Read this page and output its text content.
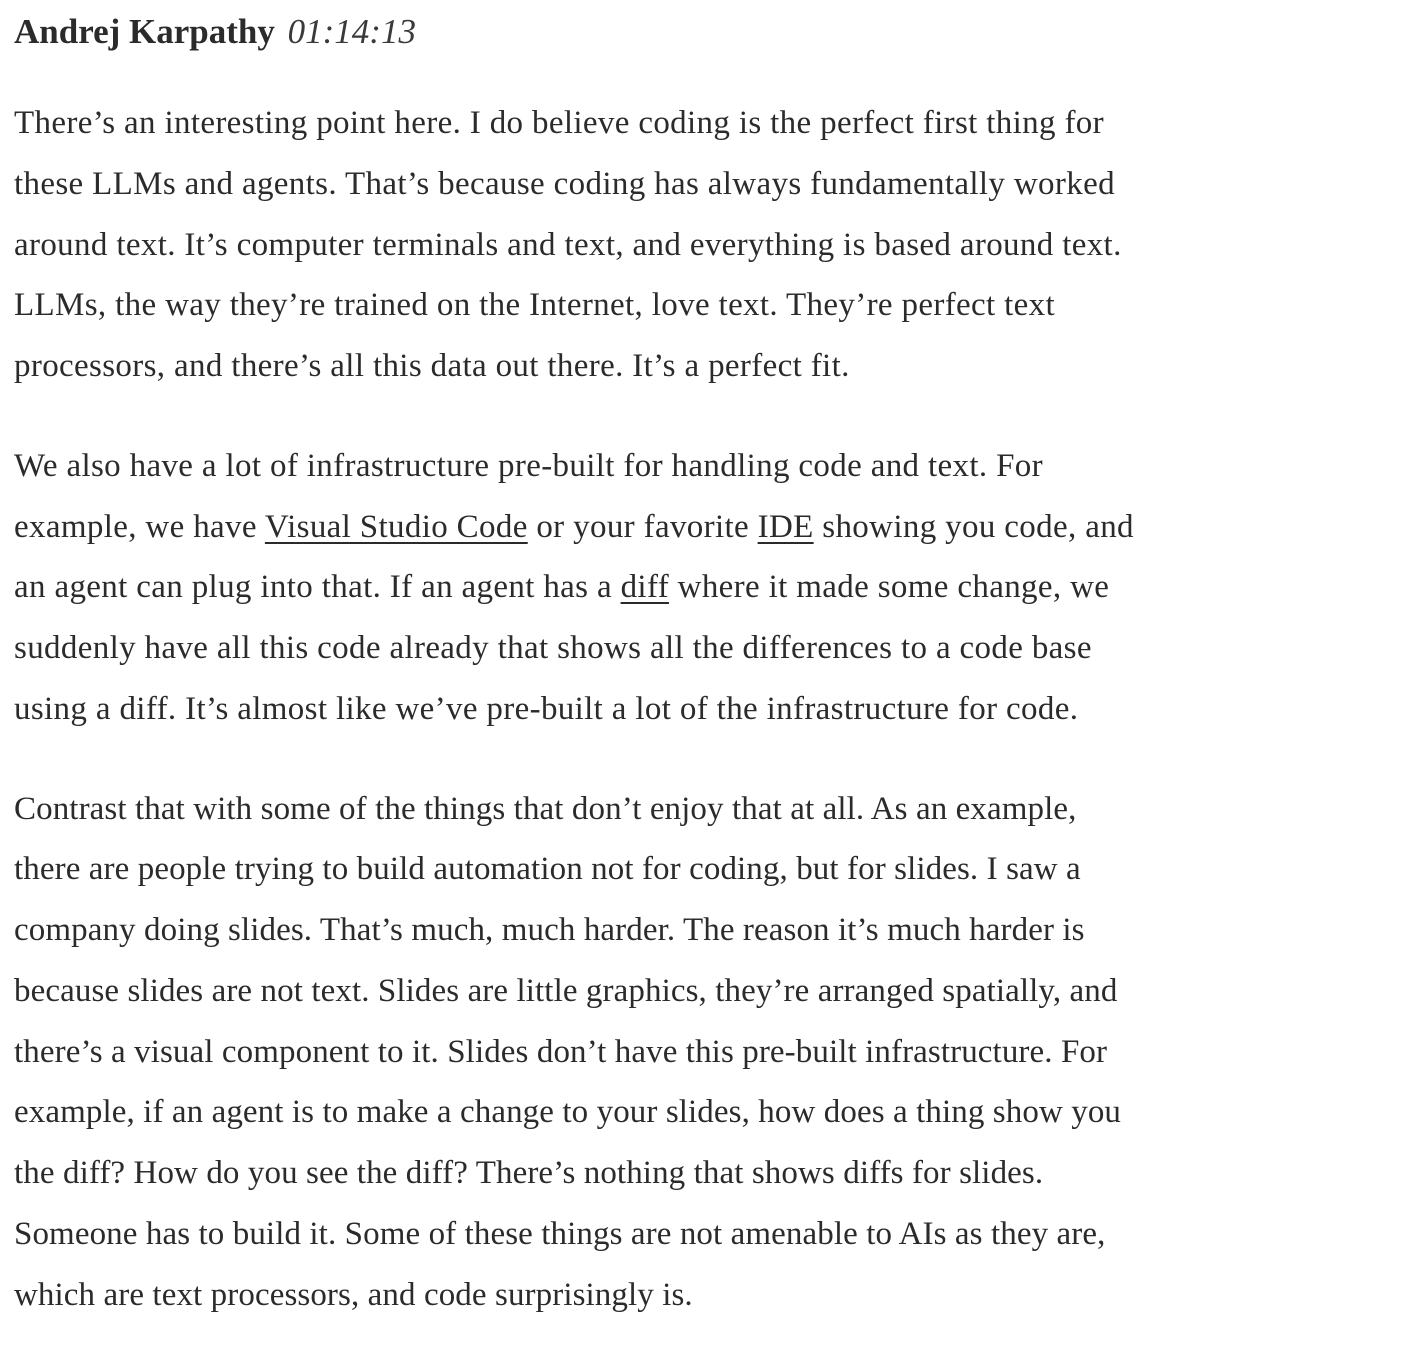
Andrej Karpathy 01:14:13
There’s an interesting point here. I do believe coding is the perfect first thing for
these LLMs and agents. That’s because coding has always fundamentally worked
around text. It’s computer terminals and text, and everything is based around text.
LLMs, the way they’re trained on the Internet, love text. They’re perfect text
processors, and there’s all this data out there. It’s a perfect fit.
We also have a lot of infrastructure pre-built for handling code and text. For
example, we have Visual Studio Code or your favorite IDE showing you code, and
an agent can plug into that. If an agent has a diff where it made some change, we
suddenly have all this code already that shows all the differences to a code base
using a diff. It’s almost like we’ve pre-built a lot of the infrastructure for code.
Contrast that with some of the things that don’t enjoy that at all. As an example,
there are people trying to build automation not for coding, but for slides. I saw a
company doing slides. That’s much, much harder. The reason it’s much harder is
because slides are not text. Slides are little graphics, they’re arranged spatially, and
there’s a visual component to it. Slides don’t have this pre-built infrastructure. For
example, if an agent is to make a change to your slides, how does a thing show you
the diff? How do you see the diff? There’s nothing that shows diffs for slides.
Someone has to build it. Some of these things are not amenable to AIs as they are,
which are text processors, and code surprisingly is.
